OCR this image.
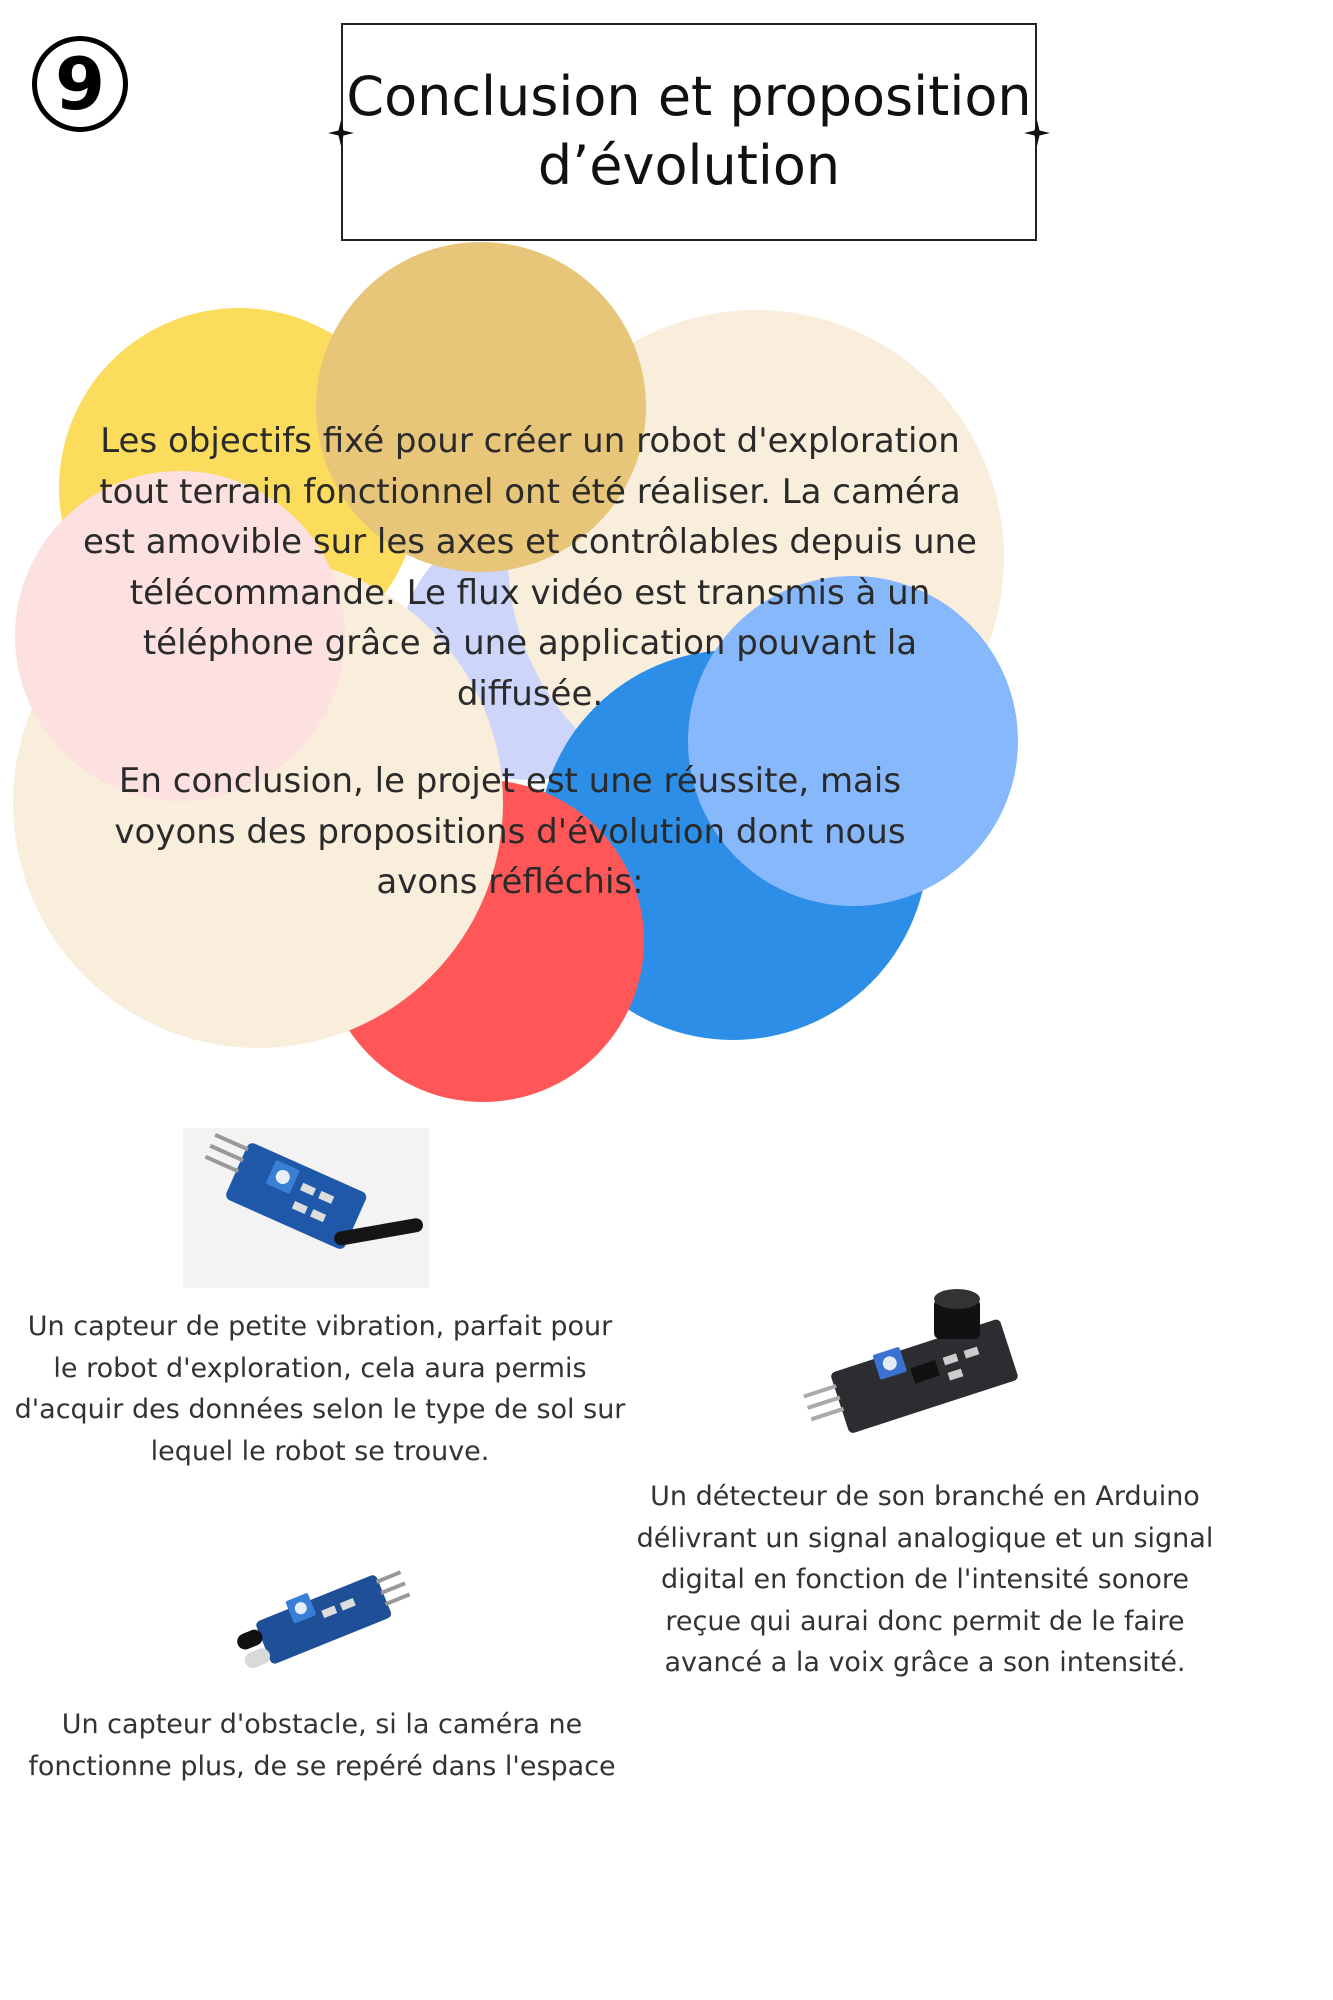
9	Conclusion et proposition
d’évolution
Les objectifs fixé pour créer un robot d'exploration tout terrain fonctionnel ont été réaliser. La caméra est amovible sur les axes et contrôlables depuis une télécommande. Le flux vidéo est transmis à un téléphone grâce à une application pouvant la diffusée.
En conclusion, le projet est une réussite, mais voyons des propositions d'évolution dont nous avons réfléchis:
Un capteur de petite vibration, parfait pour le robot d'exploration, cela aura permis d'acquir des données selon le type de sol sur lequel le robot se trouve.
Un détecteur de son branché en Arduino délivrant un signal analogique et un signal digital en fonction de l'intensité sonore reçue qui aurai donc permit de le faire avancé a la voix grâce a son intensité.
Un capteur d'obstacle, si la caméra ne fonctionne plus, de se repéré dans l'espace
